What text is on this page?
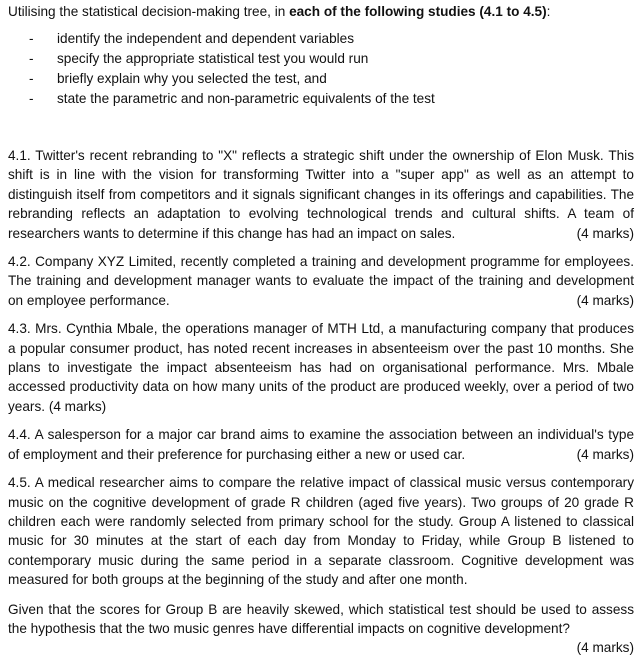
Utilising the statistical decision-making tree, in each of the following studies (4.1 to 4.5):

- identify the independent and dependent variables
- specify the appropriate statistical test you would run
- briefly explain why you selected the test, and
- state the parametric and non-parametric equivalents of the test

4.1. Twitter's recent rebranding to "X" reflects a strategic shift under the ownership of Elon Musk. This shift is in line with the vision for transforming Twitter into a "super app" as well as an attempt to distinguish itself from competitors and it signals significant changes in its offerings and capabilities. The rebranding reflects an adaptation to evolving technological trends and cultural shifts. A team of researchers wants to determine if this change has had an impact on sales.	(4 marks)

4.2. Company XYZ Limited, recently completed a training and development programme for employees. The training and development manager wants to evaluate the impact of the training and development on employee performance.	(4 marks)

4.3. Mrs. Cynthia Mbale, the operations manager of MTH Ltd, a manufacturing company that produces a popular consumer product, has noted recent increases in absenteeism over the past 10 months. She plans to investigate the impact absenteeism has had on organisational performance. Mrs. Mbale accessed productivity data on how many units of the product are produced weekly, over a period of two years. (4 marks)

4.4. A salesperson for a major car brand aims to examine the association between an individual's type of employment and their preference for purchasing either a new or used car.	(4 marks)

4.5. A medical researcher aims to compare the relative impact of classical music versus contemporary music on the cognitive development of grade R children (aged five years). Two groups of 20 grade R children each were randomly selected from primary school for the study. Group A listened to classical music for 30 minutes at the start of each day from Monday to Friday, while Group B listened to contemporary music during the same period in a separate classroom. Cognitive development was measured for both groups at the beginning of the study and after one month.

Given that the scores for Group B are heavily skewed, which statistical test should be used to assess the hypothesis that the two music genres have differential impacts on cognitive development?
(4 marks)
